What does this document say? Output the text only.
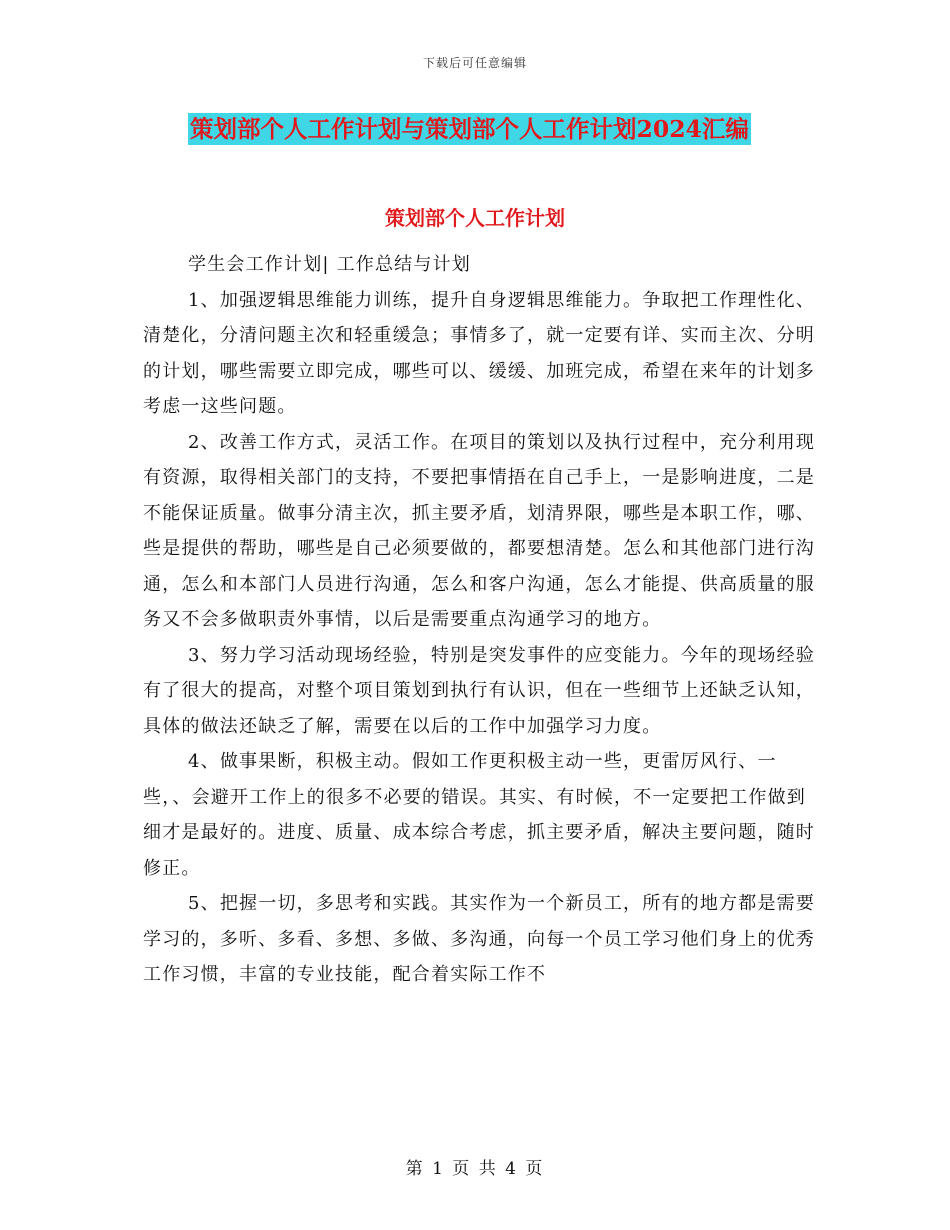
下载后可任意编辑
策划部个人工作计划与策划部个人工作计划2024汇编
策划部个人工作计划

学生会工作计划| 工作总结与计划

1、加强逻辑思维能力训练，提升自身逻辑思维能力。争取把工作理性化、清楚化，分清问题主次和轻重缓急；事情多了，就一定要有详、实而主次、分明的计划，哪些需要立即完成，哪些可以、缓缓、加班完成，希望在来年的计划多考虑一这些问题。

2、改善工作方式，灵活工作。在项目的策划以及执行过程中，充分利用现有资源，取得相关部门的支持，不要把事情捂在自己手上，一是影响进度，二是不能保证质量。做事分清主次，抓主要矛盾，划清界限，哪些是本职工作，哪、些是提供的帮助，哪些是自己必须要做的，都要想清楚。怎么和其他部门进行沟通，怎么和本部门人员进行沟通，怎么和客户沟通，怎么才能提、供高质量的服务又不会多做职责外事情，以后是需要重点沟通学习的地方。

3、努力学习活动现场经验，特别是突发事件的应变能力。今年的现场经验有了很大的提高，对整个项目策划到执行有认识，但在一些细节上还缺乏认知，具体的做法还缺乏了解，需要在以后的工作中加强学习力度。

4、做事果断，积极主动。假如工作更积极主动一些，更雷厉风行、一些，、会避开工作上的很多不必要的错误。其实、有时候，不一定要把工作做到细才是最好的。进度、质量、成本综合考虑，抓主要矛盾，解决主要问题，随时修正。

5、把握一切，多思考和实践。其实作为一个新员工，所有的地方都是需要学习的，多听、多看、多想、多做、多沟通，向每一个员工学习他们身上的优秀工作习惯，丰富的专业技能，配合着实际工作不

第 1 页 共 4 页
